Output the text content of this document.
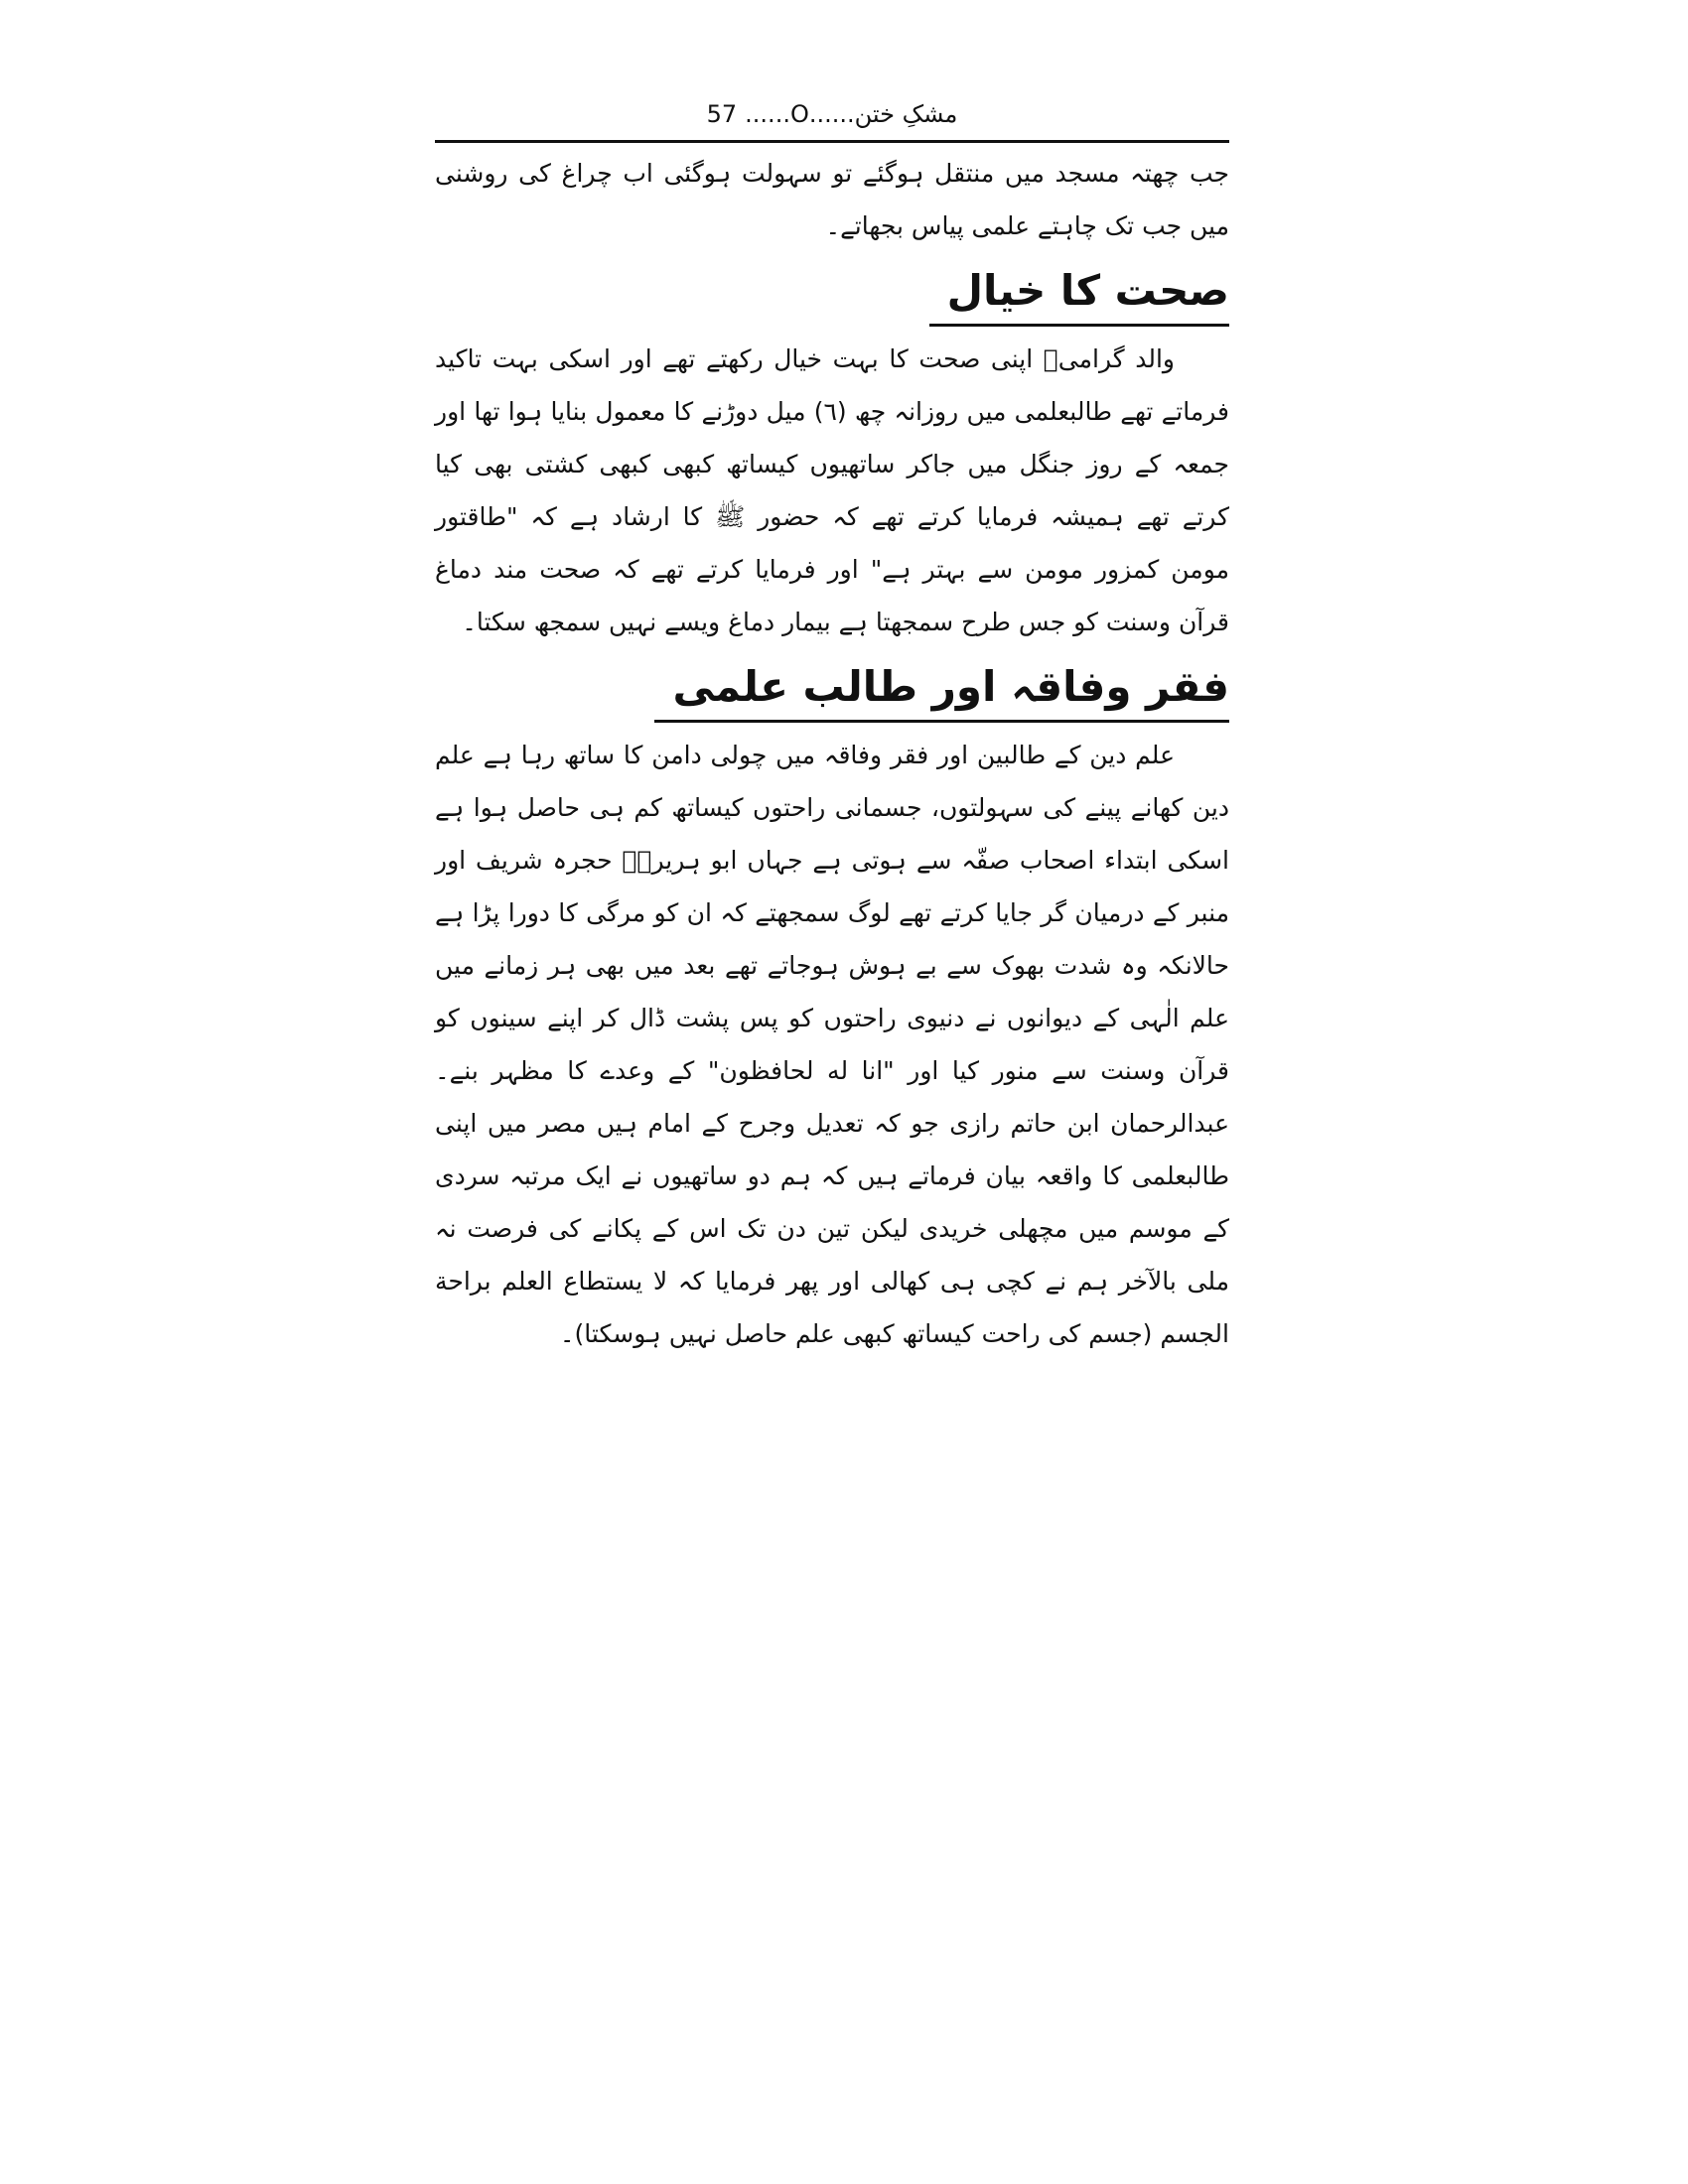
مشکِ ختن......O......57

جب چھتہ مسجد میں منتقل ہوگئے تو سہولت ہوگئی اب چراغ کی روشنی میں جب تک چاہتے علمی پیاس بجھاتے۔

صحت کا خیال

والد گرامیؒ اپنی صحت کا بہت خیال رکھتے تھے اور اسکی بہت تاکید فرماتے تھے طالبعلمی میں روزانہ چھ (٦) میل دوڑنے کا معمول بنایا ہوا تھا اور جمعہ کے روز جنگل میں جاکر ساتھیوں کیساتھ کبھی کبھی کشتی بھی کیا کرتے تھے ہمیشہ فرمایا کرتے تھے کہ حضور ﷺ کا ارشاد ہے کہ "طاقتور مومن کمزور مومن سے بہتر ہے" اور فرمایا کرتے تھے کہ صحت مند دماغ قرآن وسنت کو جس طرح سمجھتا ہے بیمار دماغ ویسے نہیں سمجھ سکتا۔

فقر وفاقہ اور طالب علمی

علم دین کے طالبین اور فقر وفاقہ میں چولی دامن کا ساتھ رہا ہے علم دین کھانے پینے کی سہولتوں، جسمانی راحتوں کیساتھ کم ہی حاصل ہوا ہے اسکی ابتداء اصحاب صفّہ سے ہوتی ہے جہاں ابو ہریرہؓ حجرہ شریف اور منبر کے درمیان گر جایا کرتے تھے لوگ سمجھتے کہ ان کو مرگی کا دورا پڑا ہے حالانکہ وہ شدت بھوک سے بے ہوش ہوجاتے تھے بعد میں بھی ہر زمانے میں علم الٰہی کے دیوانوں نے دنیوی راحتوں کو پس پشت ڈال کر اپنے سینوں کو قرآن وسنت سے منور کیا اور "انا له لحافظون" کے وعدے کا مظہر بنے۔ عبدالرحمان ابن حاتم رازی جو کہ تعدیل وجرح کے امام ہیں مصر میں اپنی طالبعلمی کا واقعہ بیان فرماتے ہیں کہ ہم دو ساتھیوں نے ایک مرتبہ سردی کے موسم میں مچھلی خریدی لیکن تین دن تک اس کے پکانے کی فرصت نہ ملی بالآخر ہم نے کچی ہی کھالی اور پھر فرمایا کہ لا یستطاع العلم براحة الجسم (جسم کی راحت کیساتھ کبھی علم حاصل نہیں ہوسکتا)۔
